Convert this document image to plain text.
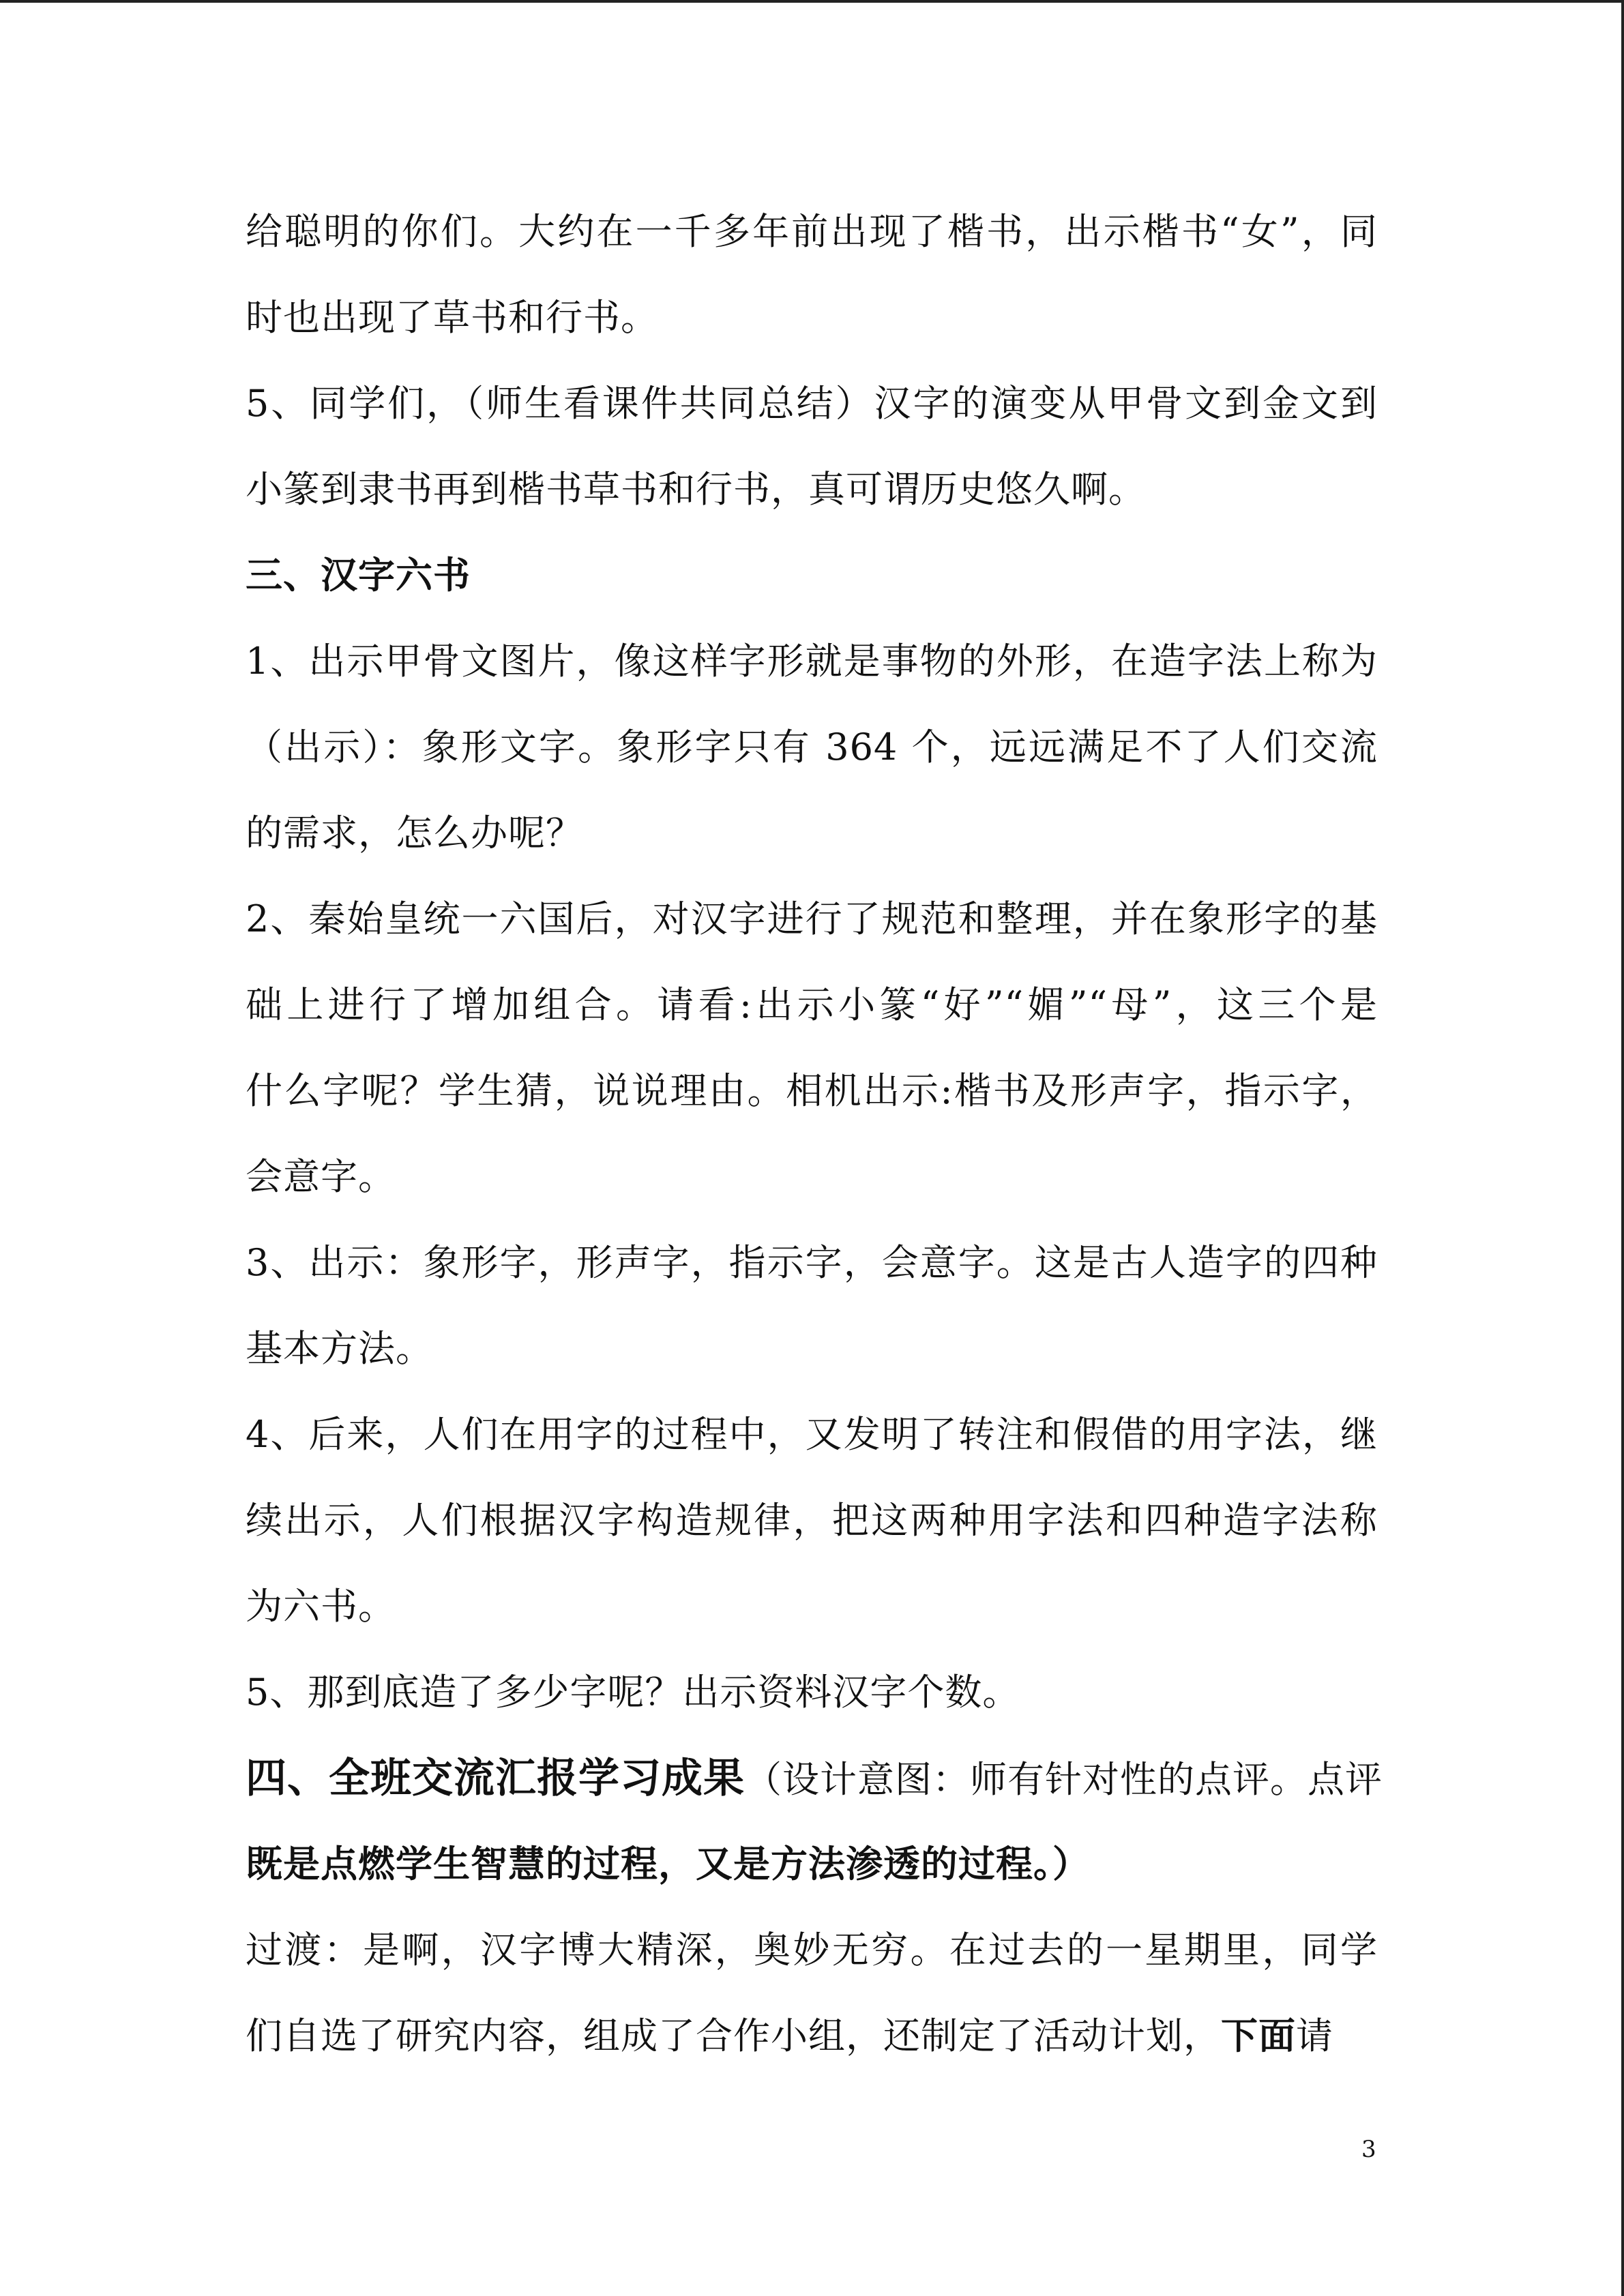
给聪明的你们。大约在一千多年前出现了楷书，出示楷书“女”，同
时也出现了草书和行书。
5、同学们，（师生看课件共同总结）汉字的演变从甲骨文到金文到
小篆到隶书再到楷书草书和行书，真可谓历史悠久啊。
三、汉字六书
1、出示甲骨文图片，像这样字形就是事物的外形，在造字法上称为
（出示）：象形文字。象形字只有 364 个，远远满足不了人们交流
的需求，怎么办呢？
2、秦始皇统一六国后，对汉字进行了规范和整理，并在象形字的基
础上进行了增加组合。请看:出示小篆“好”“媚”“母”，这三个是
什么字呢？学生猜，说说理由。相机出示:楷书及形声字，指示字，
会意字。
3、出示：象形字，形声字，指示字，会意字。这是古人造字的四种
基本方法。
4、后来，人们在用字的过程中，又发明了转注和假借的用字法，继
续出示，人们根据汉字构造规律，把这两种用字法和四种造字法称
为六书。
5、那到底造了多少字呢？出示资料汉字个数。
四、全班交流汇报学习成果（设计意图：师有针对性的点评。点评
既是点燃学生智慧的过程，又是方法渗透的过程。）
过渡：是啊，汉字博大精深，奥妙无穷。在过去的一星期里，同学
们自选了研究内容，组成了合作小组，还制定了活动计划，下面请
3
